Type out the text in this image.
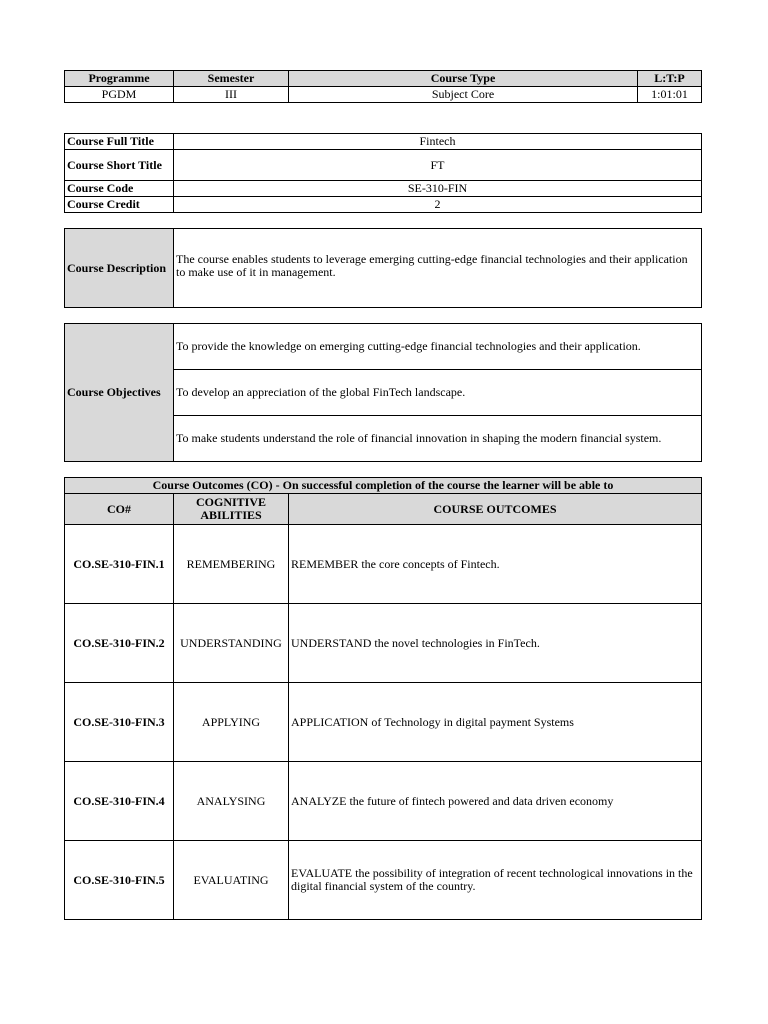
Programme	Semester	Course Type	L:T:P
PGDM	III	Subject Core	1:01:01
Course Full Title	Fintech
Course Short Title	FT
Course Code	SE-310-FIN
Course Credit	2
Course Description	The course enables students to leverage emerging cutting-edge financial technologies and their application to make use of it in management.
Course Objectives	To provide the knowledge on emerging cutting-edge financial technologies and their application.
To develop an appreciation of the global FinTech landscape.
To make students understand the role of financial innovation in shaping the modern financial system.
Course Outcomes (CO) - On successful completion of the course the learner will be able to		
CO#	COGNITIVE ABILITIES	COURSE OUTCOMES
CO.SE-310-FIN.1	REMEMBERING	REMEMBER the core concepts of Fintech.
CO.SE-310-FIN.2	UNDERSTANDING	UNDERSTAND the novel technologies in FinTech.
CO.SE-310-FIN.3	APPLYING	APPLICATION of Technology in digital payment Systems
CO.SE-310-FIN.4	ANALYSING	ANALYZE the future of fintech powered and data driven economy
CO.SE-310-FIN.5	EVALUATING	EVALUATE the possibility of integration of recent technological innovations in the digital financial system of the country.
